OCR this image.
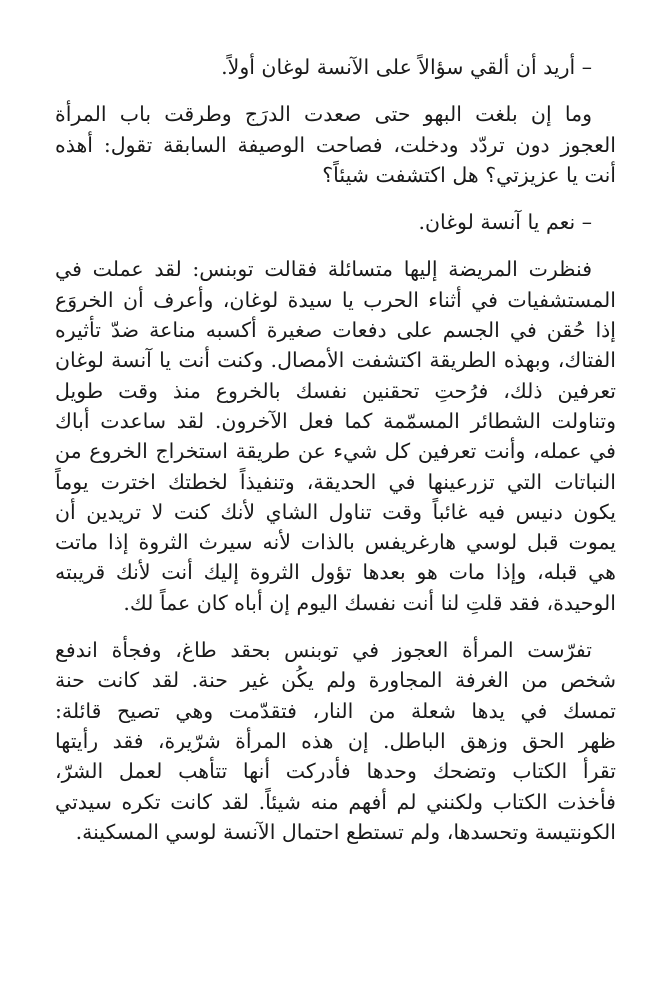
– أريد أن ألقي سؤالاً على الآنسة لوغان أولاً.

وما إن بلغت البهو حتى صعدت الدرَج وطرقت باب المرأة
العجوز دون تردّد ودخلت، فصاحت الوصيفة السابقة تقول: أهذه
أنت يا عزيزتي؟ هل اكتشفت شيئاً؟

– نعم يا آنسة لوغان.

فنظرت المريضة إليها متسائلة فقالت توبنس: لقد عملت في
المستشفيات في أثناء الحرب يا سيدة لوغان، وأعرف أن الخروَع
إذا حُقن في الجسم على دفعات صغيرة أكسبه مناعة ضدّ تأثيره
الفتاك، وبهذه الطريقة اكتشفت الأمصال. وكنت أنت يا آنسة لوغان
تعرفين ذلك، فرُحتِ تحقنين نفسك بالخروع منذ وقت طويل
وتناولت الشطائر المسمّمة كما فعل الآخرون. لقد ساعدت أباك
في عمله، وأنت تعرفين كل شيء عن طريقة استخراج الخروع من
النباتات التي تزرعينها في الحديقة، وتنفيذاً لخطتك اخترت يوماً
يكون دنيس فيه غائباً وقت تناول الشاي لأنك كنت لا تريدين أن
يموت قبل لوسي هارغريفس بالذات لأنه سيرث الثروة إذا ماتت
هي قبله، وإذا مات هو بعدها تؤول الثروة إليك أنت لأنك قريبته
الوحيدة، فقد قلتِ لنا أنت نفسك اليوم إن أباه كان عماً لك.

تفرّست المرأة العجوز في توبنس بحقد طاغ، وفجأة اندفع
شخص من الغرفة المجاورة ولم يكُن غير حنة. لقد كانت حنة
تمسك في يدها شعلة من النار، فتقدّمت وهي تصيح قائلة:
ظهر الحق وزهق الباطل. إن هذه المرأة شرّيرة، فقد رأيتها
تقرأ الكتاب وتضحك وحدها فأدركت أنها تتأهب لعمل الشرّ،
فأخذت الكتاب ولكنني لم أفهم منه شيئاً. لقد كانت تكره سيدتي
الكونتيسة وتحسدها، ولم تستطع احتمال الآنسة لوسي المسكينة.
